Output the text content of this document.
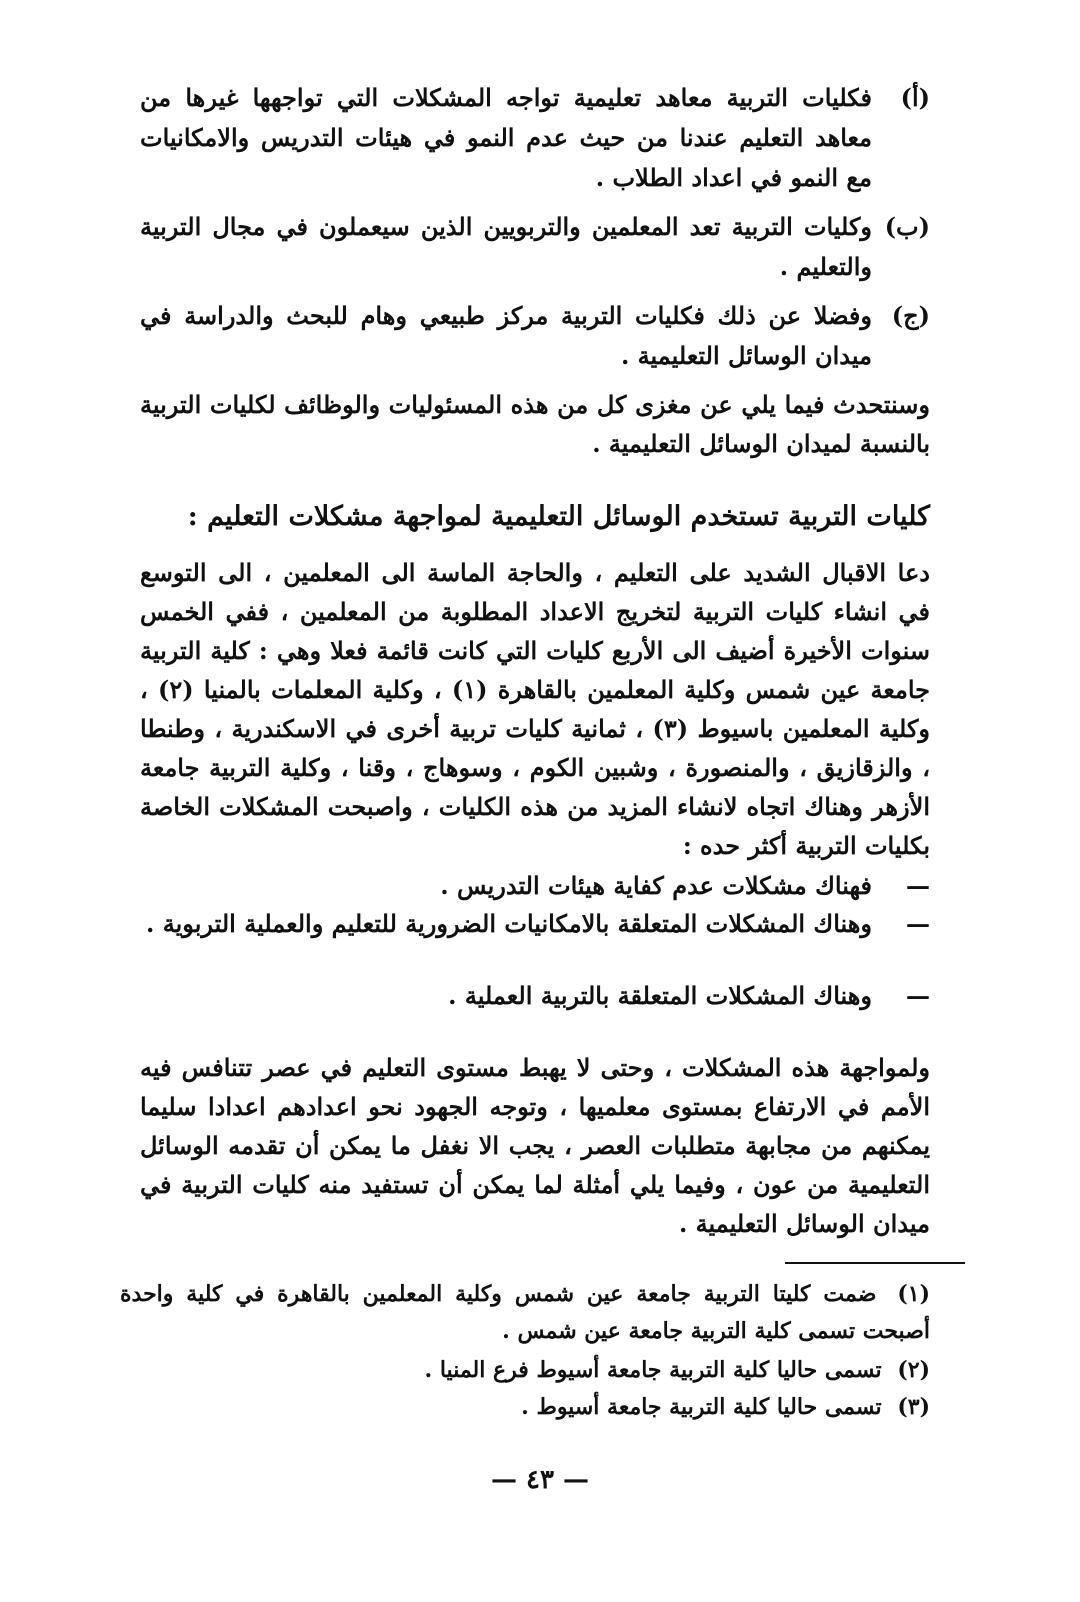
(أ)
فكليات التربية معاهد تعليمية تواجه المشكلات التي تواجهها غيرها من معاهد التعليم عندنا من حيث عدم النمو في هيئات التدريس والامكانيات مع النمو في اعداد الطلاب .
(ب)
وكليات التربية تعد المعلمين والتربويين الذين سيعملون في مجال التربية والتعليم .
(ج)
وفضلا عن ذلك فكليات التربية مركز طبيعي وهام للبحث والدراسة في ميدان الوسائل التعليمية .
وسنتحدث فيما يلي عن مغزى كل من هذه المسئوليات والوظائف لكليات التربية بالنسبة لميدان الوسائل التعليمية .
كليات التربية تستخدم الوسائل التعليمية لمواجهة مشكلات التعليم :
دعا الاقبال الشديد على التعليم ، والحاجة الماسة الى المعلمين ، الى التوسع في انشاء كليات التربية لتخريج الاعداد المطلوبة من المعلمين ، ففي الخمس سنوات الأخيرة أضيف الى الأربع كليات التي كانت قائمة فعلا وهي : كلية التربية جامعة عين شمس وكلية المعلمين بالقاهرة (١) ، وكلية المعلمات بالمنيا (٢) ، وكلية المعلمين باسيوط (٣) ، ثمانية كليات تربية أخرى في الاسكندرية ، وطنطا ، والزقازيق ، والمنصورة ، وشبين الكوم ، وسوهاج ، وقنا ، وكلية التربية جامعة الأزهر وهناك اتجاه لانشاء المزيد من هذه الكليات ، واصبحت المشكلات الخاصة بكليات التربية أكثر حده :
—
فهناك مشكلات عدم كفاية هيئات التدريس .
—
وهناك المشكلات المتعلقة بالامكانيات الضرورية للتعليم والعملية التربوية .
—
وهناك المشكلات المتعلقة بالتربية العملية .
ولمواجهة هذه المشكلات ، وحتى لا يهبط مستوى التعليم في عصر تتنافس فيه الأمم في الارتفاع بمستوى معلميها ، وتوجه الجهود نحو اعدادهم اعدادا سليما يمكنهم من مجابهة متطلبات العصر ، يجب الا نغفل ما يمكن أن تقدمه الوسائل التعليمية من عون ، وفيما يلي أمثلة لما يمكن أن تستفيد منه كليات التربية في ميدان الوسائل التعليمية .
(١) ضمت كليتا التربية جامعة عين شمس وكلية المعلمين بالقاهرة في كلية واحدة أصبحت تسمى كلية التربية جامعة عين شمس .
(٢) تسمى حاليا كلية التربية جامعة أسيوط فرع المنيا .
(٣) تسمى حاليا كلية التربية جامعة أسيوط .
— ٤٣ —
